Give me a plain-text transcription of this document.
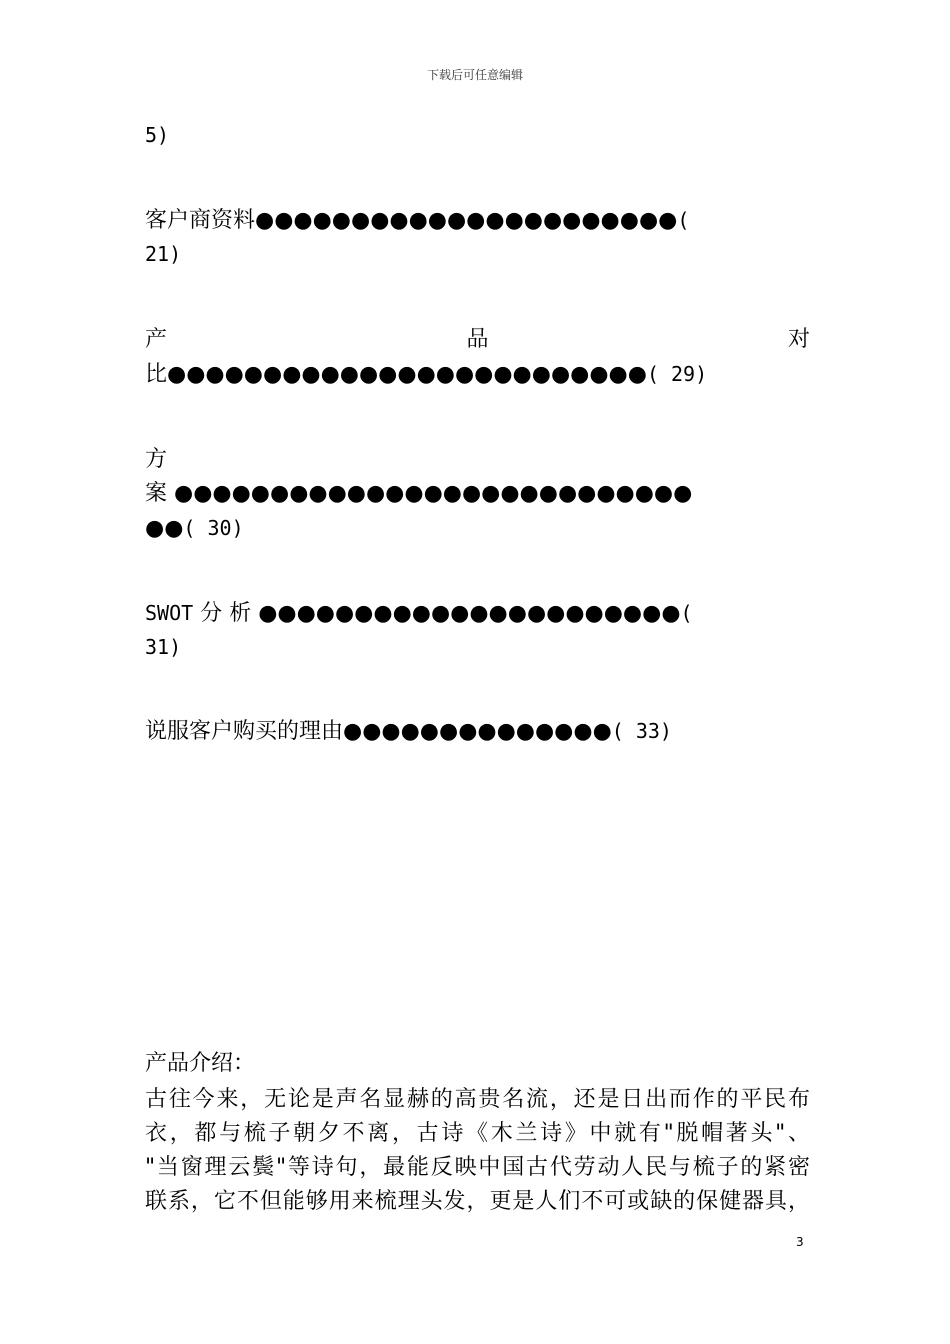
下载后可任意编辑
5)
客户商资料●●●●●●●●●●●●●●●●●●●●●●(
21)
产	品	对
比●●●●●●●●●●●●●●●●●●●●●●●●●( 29)
方
案 ●●●●●●●●●●●●●●●●●●●●●●●●●●●
●●( 30)
SWOT 分 析 ●●●●●●●●●●●●●●●●●●●●●●(
31)
说服客户购买的理由●●●●●●●●●●●●●●( 33)
产品介绍：
古往今来，无论是声名显赫的高贵名流，还是日出而作的平民布
衣，都与梳子朝夕不离，古诗《木兰诗》中就有"脱帽著头"、
"当窗理云鬓"等诗句，最能反映中国古代劳动人民与梳子的紧密
联系，它不但能够用来梳理头发，更是人们不可或缺的保健器具，
3
